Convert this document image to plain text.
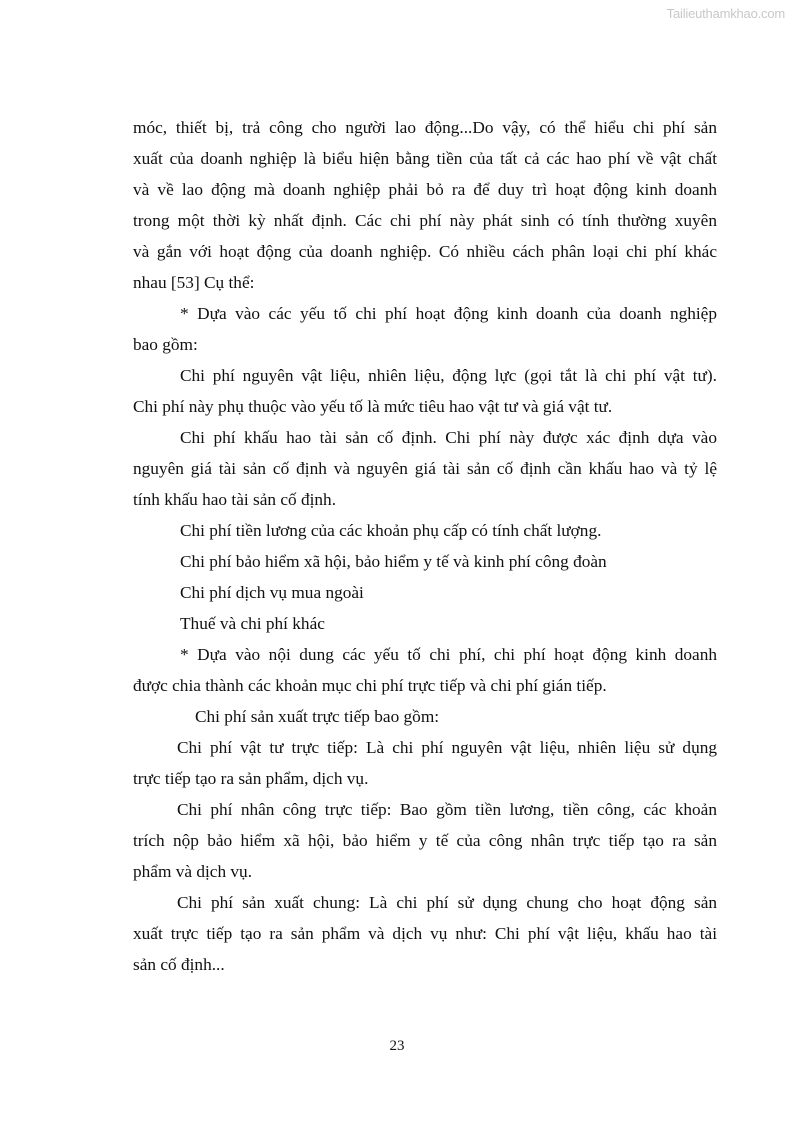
Tailieuthamkhao.com
móc, thiết bị, trả công cho người lao động...Do vậy, có thể hiểu chi phí sản
xuất của doanh nghiệp là biểu hiện bằng tiền của tất cả các hao phí về vật chất
và về lao động mà doanh nghiệp phải bỏ ra để duy trì hoạt động kinh doanh
trong một thời kỳ nhất định. Các chi phí này phát sinh có tính thường xuyên
và gắn với hoạt động của doanh nghiệp. Có nhiều cách phân loại chi phí khác
nhau [53] Cụ thể:
* Dựa vào các yếu tố chi phí hoạt động kinh doanh của doanh nghiệp
bao gồm:
Chi phí nguyên vật liệu, nhiên liệu, động lực (gọi tắt là chi phí vật tư).
Chi phí này phụ thuộc vào yếu tố là mức tiêu hao vật tư và giá vật tư.
Chi phí khấu hao tài sản cố định. Chi phí này được xác định dựa vào
nguyên giá tài sản cố định và nguyên giá tài sản cố định cần khấu hao và tỷ lệ
tính khấu hao tài sản cố định.
Chi phí tiền lương của các khoản phụ cấp có tính chất lượng.
Chi phí bảo hiểm xã hội, bảo hiểm y tế và kinh phí công đoàn
Chi phí dịch vụ mua ngoài
Thuế và chi phí khác
* Dựa vào nội dung các yếu tố chi phí, chi phí hoạt động kinh doanh
được chia thành các khoản mục chi phí trực tiếp và chi phí gián tiếp.
Chi phí sản xuất trực tiếp bao gồm:
Chi phí vật tư trực tiếp: Là chi phí nguyên vật liệu, nhiên liệu sử dụng
trực tiếp tạo ra sản phẩm, dịch vụ.
Chi phí nhân công trực tiếp: Bao gồm tiền lương, tiền công, các khoản
trích nộp bảo hiểm xã hội, bảo hiểm y tế của công nhân trực tiếp tạo ra sản
phẩm và dịch vụ.
Chi phí sản xuất chung: Là chi phí sử dụng chung cho hoạt động sản
xuất trực tiếp tạo ra sản phẩm và dịch vụ như: Chi phí vật liệu, khấu hao tài
sản cố định...
23
